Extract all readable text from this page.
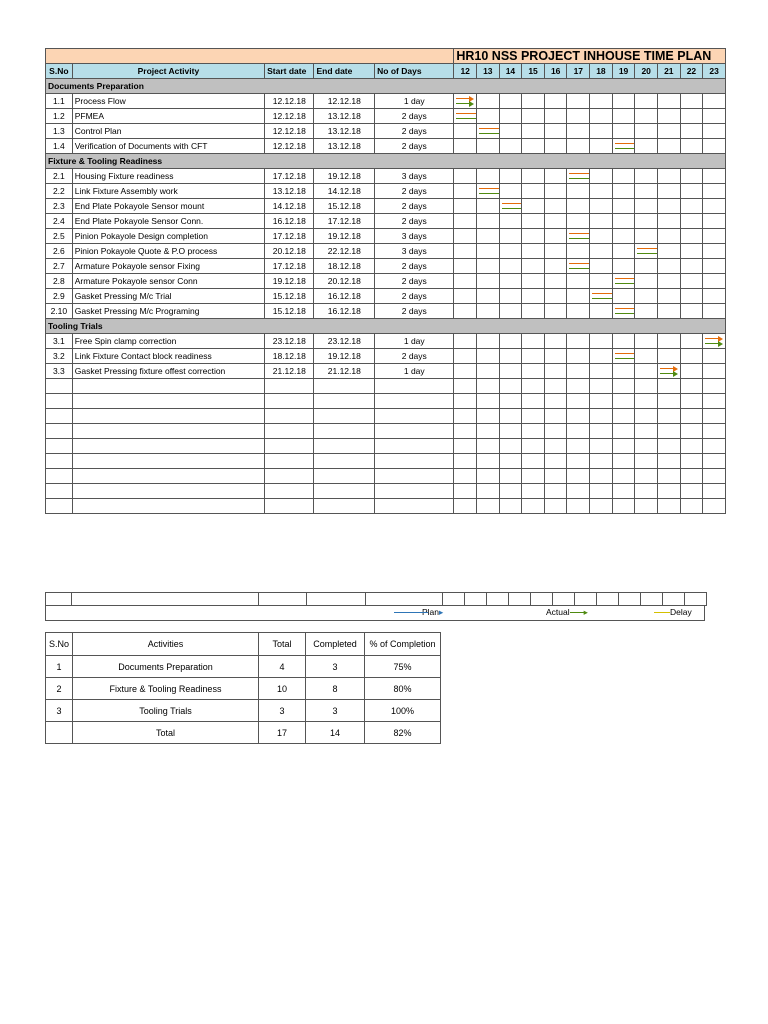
					HR10 NSS PROJECT INHOUSE TIME PLAN											
S.No	Project Activity	Start date	End date	No of Days	12	13	14	15	16	17	18	19	20	21	22	23
Documents Preparation																
1.1	Process Flow	12.12.18	12.12.18	1 day	

1.2	PFMEA	12.12.18	13.12.18	2 days	

1.3	Control Plan	12.12.18	13.12.18	2 days		

1.4	Verification of Documents with CFT	12.12.18	13.12.18	2 days								

Fixture & Tooling Readiness																
2.1	Housing Fixture readiness	17.12.18	19.12.18	3 days						

2.2	Link Fixture Assembly work	13.12.18	14.12.18	2 days		

2.3	End Plate Pokayole Sensor mount	14.12.18	15.12.18	2 days			

2.4	End Plate Pokayole Sensor Conn.	16.12.18	17.12.18	2 days												
2.5	Pinion Pokayole Design completion	17.12.18	19.12.18	3 days						

2.6	Pinion Pokayole Quote & P.O process	20.12.18	22.12.18	3 days									

2.7	Armature Pokayole sensor Fixing	17.12.18	18.12.18	2 days						

2.8	Armature Pokayole sensor Conn	19.12.18	20.12.18	2 days								

2.9	Gasket Pressing M/c Trial	15.12.18	16.12.18	2 days							

2.10	Gasket Pressing M/c Programing	15.12.18	16.12.18	2 days								

Tooling Trials																
3.1	Free Spin clamp correction	23.12.18	23.12.18	1 day												

3.2	Link Fixture Contact block readiness	18.12.18	19.12.18	2 days								

3.3	Gasket Pressing fixture offest correction	21.12.18	21.12.18	1 day										

Plan▸	Actual ▸	Delay
S.No	Activities	Total	Completed	% of Completion
1	Documents Preparation	4	3	75%
2	Fixture & Tooling Readiness	10	8	80%
3	Tooling Trials	3	3	100%
	Total	17	14	82%
